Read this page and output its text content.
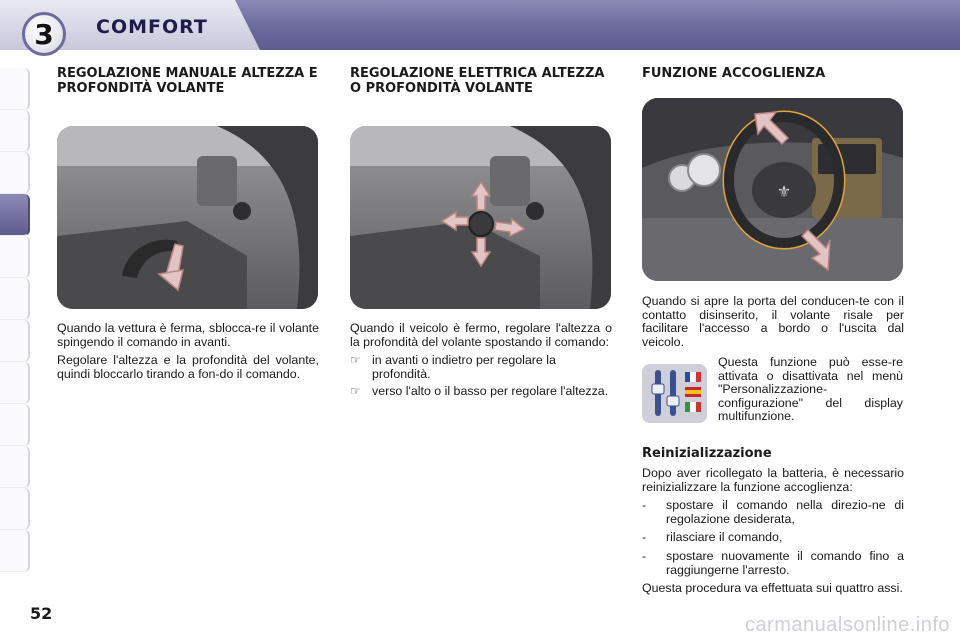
3	COMFORT
REGOLAZIONE MANUALE ALTEZZA E PROFONDITÀ VOLANTE

Quando la vettura è ferma, sblocca-re il volante spingendo il comando in avanti.

Regolare l'altezza e la profondità del volante, quindi bloccarlo tirando a fon-do il comando.

REGOLAZIONE ELETTRICA ALTEZZA O PROFONDITÀ VOLANTE

Quando il veicolo è fermo, regolare l'altezza o la profondità del volante spostando il comando:

☞ in avanti o indietro per regolare la profondità.
☞ verso l'alto o il basso per regolare l'altezza.
FUNZIONE ACCOGLIENZA
⚜

Quando si apre la porta del conducen-te con il contatto disinserito, il volante risale per facilitare l'accesso a bordo o l'uscita dal veicolo.

Questa funzione può esse-re attivata o disattivata nel menù "Personalizzazione-configurazione" del display multifunzione.

Reinizializzazione

Dopo aver ricollegato la batteria, è necessario reinizializzare la funzione accoglienza:

-	spostare il comando nella direzio-ne di regolazione desiderata,
-	rilasciare il comando,
-	spostare nuovamente il comando fino a raggiungerne l'arresto.

Questa procedura va effettuata sui quattro assi.

52
carmanualsonline.info
